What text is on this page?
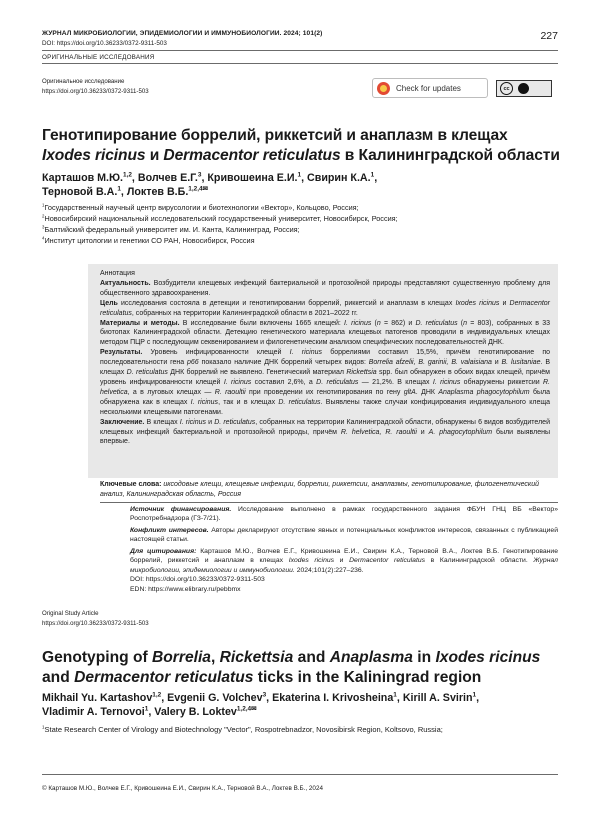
ЖУРНАЛ МИКРОБИОЛОГИИ, ЭПИДЕМИОЛОГИИ И ИММУНОБИОЛОГИИ. 2024; 101(2)
DOI: https://doi.org/10.36233/0372-9311-503
227
ОРИГИНАЛЬНЫЕ ИССЛЕДОВАНИЯ
Оригинальное исследование
https://doi.org/10.36233/0372-9311-503	Check for updates	cc
Генотипирование боррелий, риккетсий и анаплазм в клещах
Ixodes ricinus и Dermacentor reticulatus в Калининградской области
Карташов М.Ю.$^{1,2}$, Волчев Е.Г.$^3$, Кривошеина Е.И.$^1$, Свирин К.А.$^1$,
Терновой В.А.$^1$, Локтев В.Б.$^{1,2,4✉}$
$^1$Государственный научный центр вирусологии и биотехнологии «Вектор», Кольцово, Россия;
$^2$Новосибирский национальный исследовательский государственный университет, Новосибирск, Россия;
$^3$Балтийский федеральный университет им. И. Канта, Калининград, Россия;
$^4$Институт цитологии и генетики СО РАН, Новосибирск, Россия
Аннотация
Актуальность. Возбудители клещевых инфекций бактериальной и протозойной природы представляют существенную проблему для общественного здравоохранения.
Цель исследования состояла в детекции и генотипировании боррелий, риккетсий и анаплазм в клещах Ixodes ricinus и Dermacentor reticulatus, собранных на территории Калининградской области в 2021–2022 гг.
Материалы и методы. В исследование были включены 1665 клещей: I. ricinus (n = 862) и D. reticulatus (n = 803), собранных в 33 биотопах Калининградской области. Детекцию генетического материала клещевых патогенов проводили в индивидуальных клещах методом ПЦР с последующим секвенированием и филогенетическим анализом специфических последовательностей ДНК.
Результаты. Уровень инфицированности клещей I. ricinus боррелиями составил 15,5%, причём генотипирование по последовательности гена p66 показало наличие ДНК боррелий четырех видов: Borrelia afzelii, B. garinii, B. valaisiana и B. lusitaniae. В клещах D. reticulatus ДНК боррелий не выявлено. Генетический материал Rickettsia spp. был обнаружен в обоих видах клещей, причём уровень инфицированности клещей I. ricinus составил 2,6%, а D. reticulatus — 21,2%. В клещах I. ricinus обнаружены риккетсии R. helvetica, а в луговых клещах — R. raoultii при проведении их генотипирования по гену gltA. ДНК Anaplasma phagocytophilum была обнаружена как в клещах I. ricinus, так и в клещах D. reticulatus. Выявлены также случаи конфицирования индивидуального клеща несколькими клещевыми патогенами.
Заключение. В клещах I. ricinus и D. reticulatus, собранных на территории Калининградской области, обнаружены 6 видов возбудителей клещевых инфекций бактериальной и протозойной природы, причём R. helvetica, R. raoultii и A. phagocytophilum были выявлены впервые.
Ключевые слова: иксодовые клещи, клещевые инфекции, боррелии, риккетсии, анаплазмы, генотипирование, филогенетический анализ, Калининградская область, Россия
Источник финансирования. Исследование выполнено в рамках государственного задания ФБУН ГНЦ ВБ «Вектор» Роспотребнадзора (ГЗ-7/21).
Конфликт интересов. Авторы декларируют отсутствие явных и потенциальных конфликтов интересов, связанных с публикацией настоящей статьи.
Для цитирования: Карташов М.Ю., Волчев Е.Г., Кривошеина Е.И., Свирин К.А., Терновой В.А., Локтев В.Б. Генотипирование боррелий, риккетсий и анаплазм в клещах Ixodes ricinus и Dermacentor reticulatus в Калининградской области. Журнал микробиологии, эпидемиологии и иммунобиологии. 2024;101(2):227–236.
DOI: https://doi.org/10.36233/0372-9311-503
EDN: https://www.elibrary.ru/pebbmx
Original Study Article
https://doi.org/10.36233/0372-9311-503
Genotyping of Borrelia, Rickettsia and Anaplasma in Ixodes ricinus
and Dermacentor reticulatus ticks in the Kaliningrad region
Mikhail Yu. Kartashov$^{1,2}$, Evgenii G. Volchev$^3$, Ekaterina I. Krivosheina$^1$, Kirill A. Svirin$^1$,
Vladimir A. Ternovoi$^1$, Valery B. Loktev$^{1,2,4✉}$
$^1$State Research Center of Virology and Biotechnology "Vector", Rospotrebnadzor, Novosibirsk Region, Koltsovo, Russia;
© Карташов М.Ю., Волчев Е.Г., Кривошеина Е.И., Свирин К.А., Терновой В.А., Локтев В.Б., 2024
